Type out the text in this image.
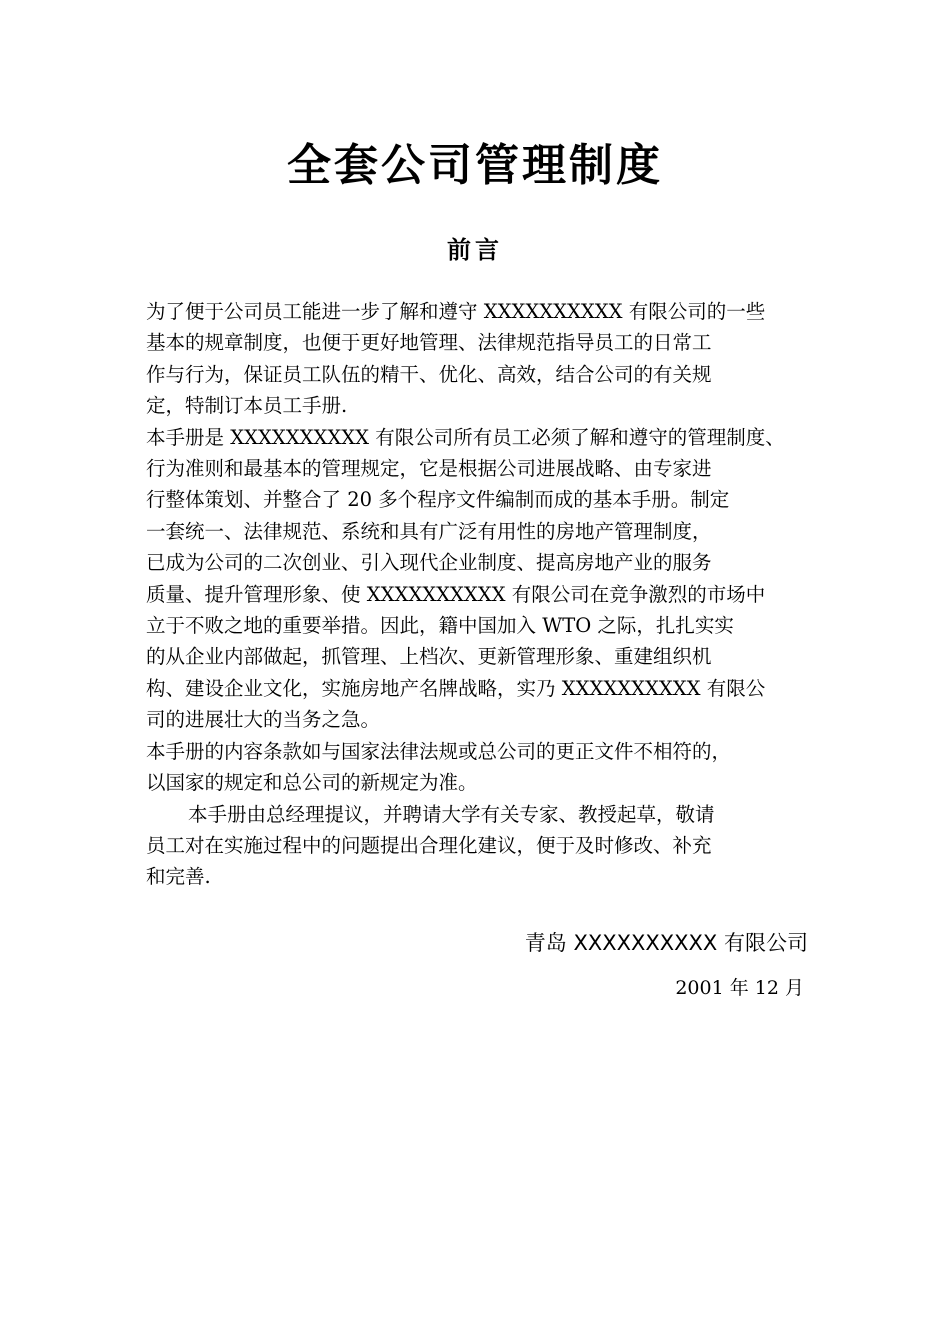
全套公司管理制度
前言

为了便于公司员工能进一步了解和遵守 XXXXXXXXXX 有限公司的一些
基本的规章制度，也便于更好地管理、法律规范指导员工的日常工
作与行为，保证员工队伍的精干、优化、高效，结合公司的有关规
定，特制订本员工手册.

本手册是 XXXXXXXXXX 有限公司所有员工必须了解和遵守的管理制度、
行为准则和最基本的管理规定，它是根据公司进展战略、由专家进
行整体策划、并整合了 20 多个程序文件编制而成的基本手册。制定
一套统一、法律规范、系统和具有广泛有用性的房地产管理制度，
已成为公司的二次创业、引入现代企业制度、提高房地产业的服务
质量、提升管理形象、使 XXXXXXXXXX 有限公司在竞争激烈的市场中
立于不败之地的重要举措。因此，籍中国加入 WTO 之际，扎扎实实
的从企业内部做起，抓管理、上档次、更新管理形象、重建组织机
构、建设企业文化，实施房地产名牌战略，实乃 XXXXXXXXXX 有限公
司的进展壮大的当务之急。

本手册的内容条款如与国家法律法规或总公司的更正文件不相符的，
以国家的规定和总公司的新规定为准。

本手册由总经理提议，并聘请大学有关专家、教授起草，敬请
员工对在实施过程中的问题提出合理化建议，便于及时修改、补充
和完善.

青岛 XXXXXXXXXX 有限公司
2001 年 12 月
